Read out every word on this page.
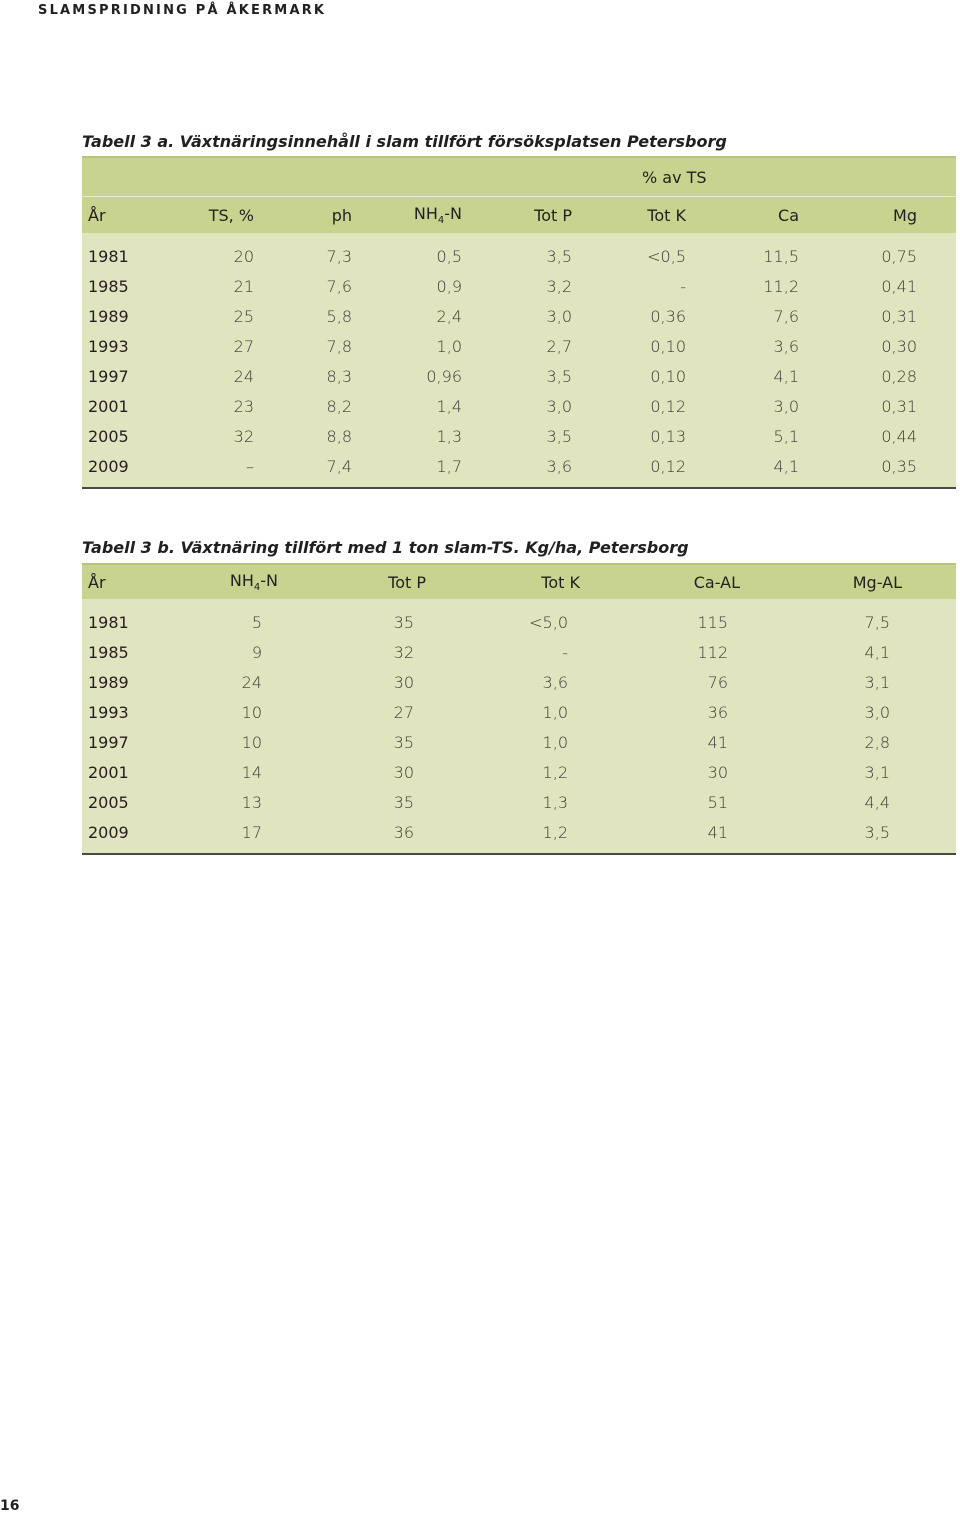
SLAMSPRIDNING PÅ ÅKERMARK
Tabell 3 a. Växtnäringsinnehåll i slam tillfört försöksplatsen Petersborg
% av TS
År	TS, %	ph	$NH_4-N$	Tot P	Tot K	Ca	Mg
1981	20	7,3	0,5	3,5	<0,5	11,5	0,75
1985	21	7,6	0,9	3,2	-	11,2	0,41
1989	25	5,8	2,4	3,0	0,36	7,6	0,31
1993	27	7,8	1,0	2,7	0,10	3,6	0,30
1997	24	8,3	0,96	3,5	0,10	4,1	0,28
2001	23	8,2	1,4	3,0	0,12	3,0	0,31
2005	32	8,8	1,3	3,5	0,13	5,1	0,44
2009	–	7,4	1,7	3,6	0,12	4,1	0,35
Tabell 3 b. Växtnäring tillfört med 1 ton slam-TS. Kg/ha, Petersborg
År	$NH_4-N$	Tot P	Tot K	Ca-AL	Mg-AL
1981	5	35	<5,0	115	7,5
1985	9	32	-	112	4,1
1989	24	30	3,6	76	3,1
1993	10	27	1,0	36	3,0
1997	10	35	1,0	41	2,8
2001	14	30	1,2	30	3,1
2005	13	35	1,3	51	4,4
2009	17	36	1,2	41	3,5
16
